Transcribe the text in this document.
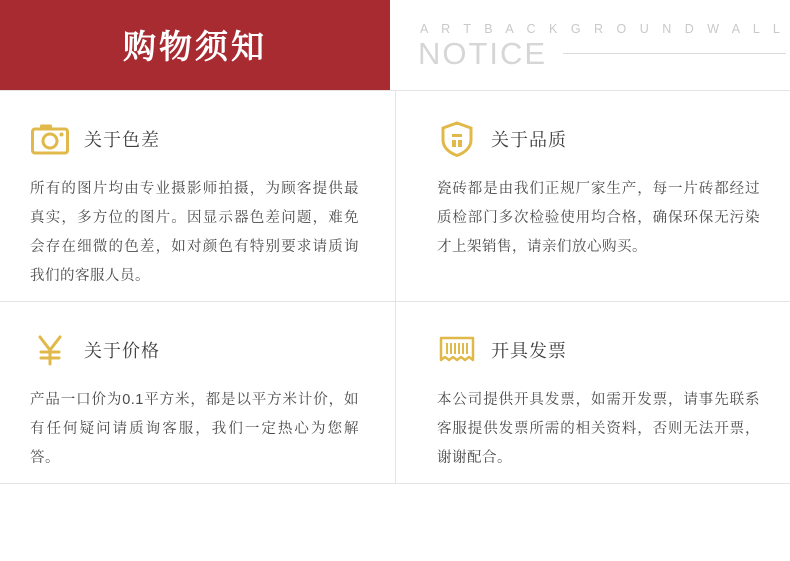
购物须知	A R T B A C K G R O U N D W A L L
NOTICE
关于色差
所有的图片均由专业摄影师拍摄，为顾客提供最真实，多方位的图片。因显示器色差问题，难免会存在细微的色差，如对颜色有特别要求请质询我们的客服人员。
关于品质
瓷砖都是由我们正规厂家生产，每一片砖都经过质检部门多次检验使用均合格，确保环保无污染才上架销售，请亲们放心购买。
关于价格
产品一口价为0.1平方米，都是以平方米计价，如有任何疑问请质询客服，我们一定热心为您解答。
开具发票
本公司提供开具发票，如需开发票，请事先联系客服提供发票所需的相关资料，否则无法开票，谢谢配合。
